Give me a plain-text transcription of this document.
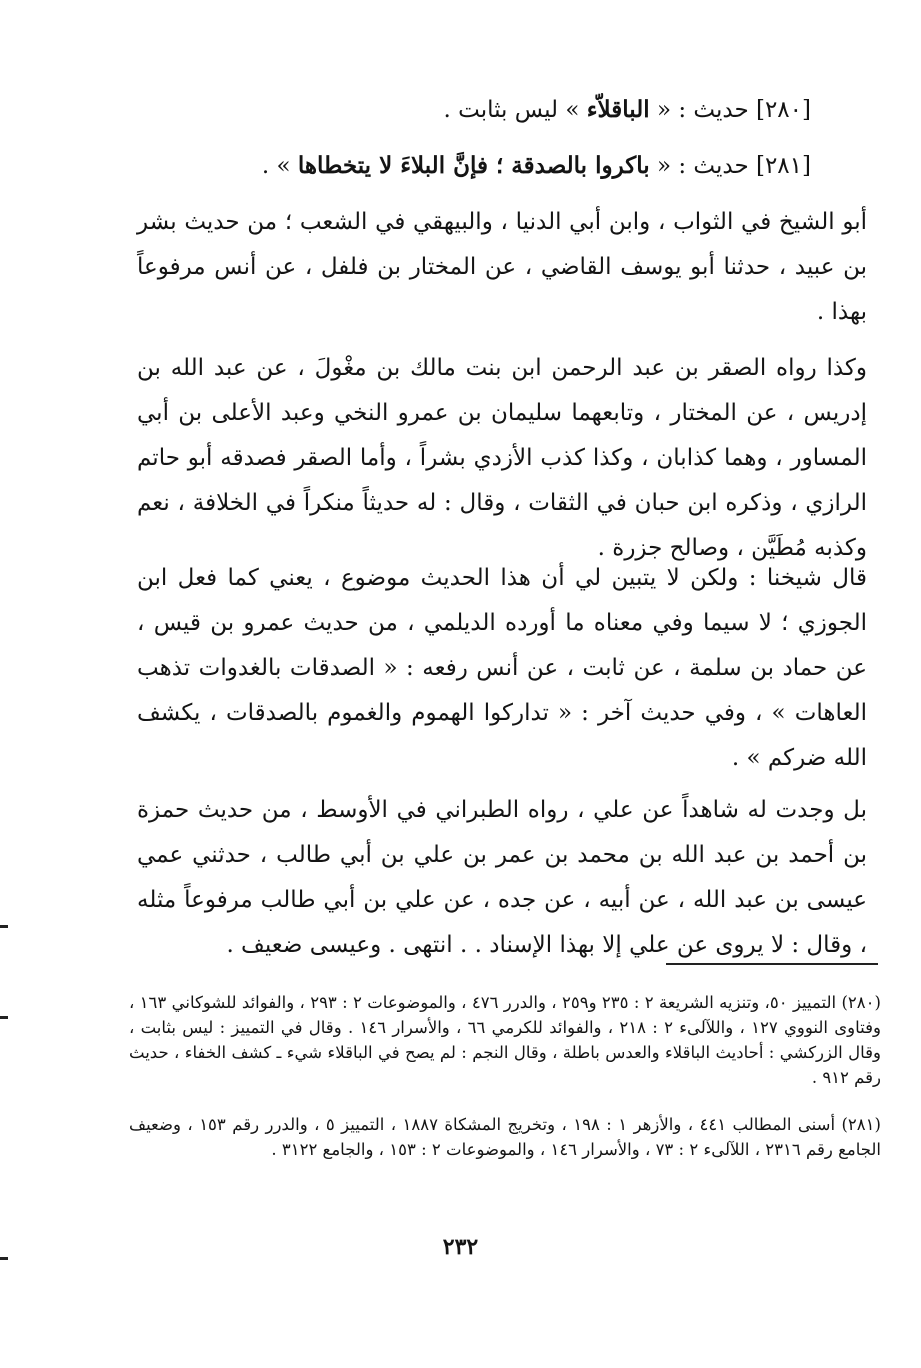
[٢٨٠] حديث : « الباقلاّء » ليس بثابت .

[٢٨١] حديث : « باكروا بالصدقة ؛ فإنَّ البلاءَ لا يتخطاها » .

أبو الشيخ في الثواب ، وابن أبي الدنيا ، والبيهقي في الشعب ؛ من حديث بشر بن عبيد ، حدثنا أبو يوسف القاضي ، عن المختار بن فلفل ، عن أنس مرفوعاً بهذا .

وكذا رواه الصقر بن عبد الرحمن ابن بنت مالك بن مغْولَ ، عن عبد الله بن إدريس ، عن المختار ، وتابعهما سليمان بن عمرو النخي وعبد الأعلى بن أبي المساور ، وهما كذابان ، وكذا كذب الأزدي بشراً ، وأما الصقر فصدقه أبو حاتم الرازي ، وذكره ابن حبان في الثقات ، وقال : له حديثاً منكراً في الخلافة ، نعم وكذبه مُطَيَّن ، وصالح جزرة .

قال شيخنا : ولكن لا يتبين لي أن هذا الحديث موضوع ، يعني كما فعل ابن الجوزي ؛ لا سيما وفي معناه ما أورده الديلمي ، من حديث عمرو بن قيس ، عن حماد بن سلمة ، عن ثابت ، عن أنس رفعه : « الصدقات بالغدوات تذهب العاهات » ، وفي حديث آخر : « تداركوا الهموم والغموم بالصدقات ، يكشف الله ضركم » .

بل وجدت له شاهداً عن علي ، رواه الطبراني في الأوسط ، من حديث حمزة بن أحمد بن عبد الله بن محمد بن عمر بن علي بن أبي طالب ، حدثني عمي عيسى بن عبد الله ، عن أبيه ، عن جده ، عن علي بن أبي طالب مرفوعاً مثله ، وقال : لا يروى عن علي إلا بهذا الإسناد . . انتهى . وعيسى ضعيف .

(٢٨٠) التمييز ٥٠، وتنزيه الشريعة ٢ : ٢٣٥ و٢٥٩ ، والدرر ٤٧٦ ، والموضوعات ٢ : ٢٩٣ ، والفوائد للشوكاني ١٦٣ ، وفتاوى النووي ١٢٧ ، واللآلىء ٢ : ٢١٨ ، والفوائد للكرمي ٦٦ ، والأسرار ١٤٦ . وقال في التمييز : ليس بثابت ، وقال الزركشي : أحاديث الباقلاء والعدس باطلة ، وقال النجم : لم يصح في الباقلاء شيء ـ كشف الخفاء ، حديث رقم ٩١٢ .

(٢٨١) أسنى المطالب ٤٤١ ، والأزهر ١ : ١٩٨ ، وتخريج المشكاة ١٨٨٧ ، التمييز ٥ ، والدرر رقم ١٥٣ ، وضعيف الجامع رقم ٢٣١٦ ، اللآلىء ٢ : ٧٣ ، والأسرار ١٤٦ ، والموضوعات ٢ : ١٥٣ ، والجامع ٣١٢٢ .

٢٣٢
